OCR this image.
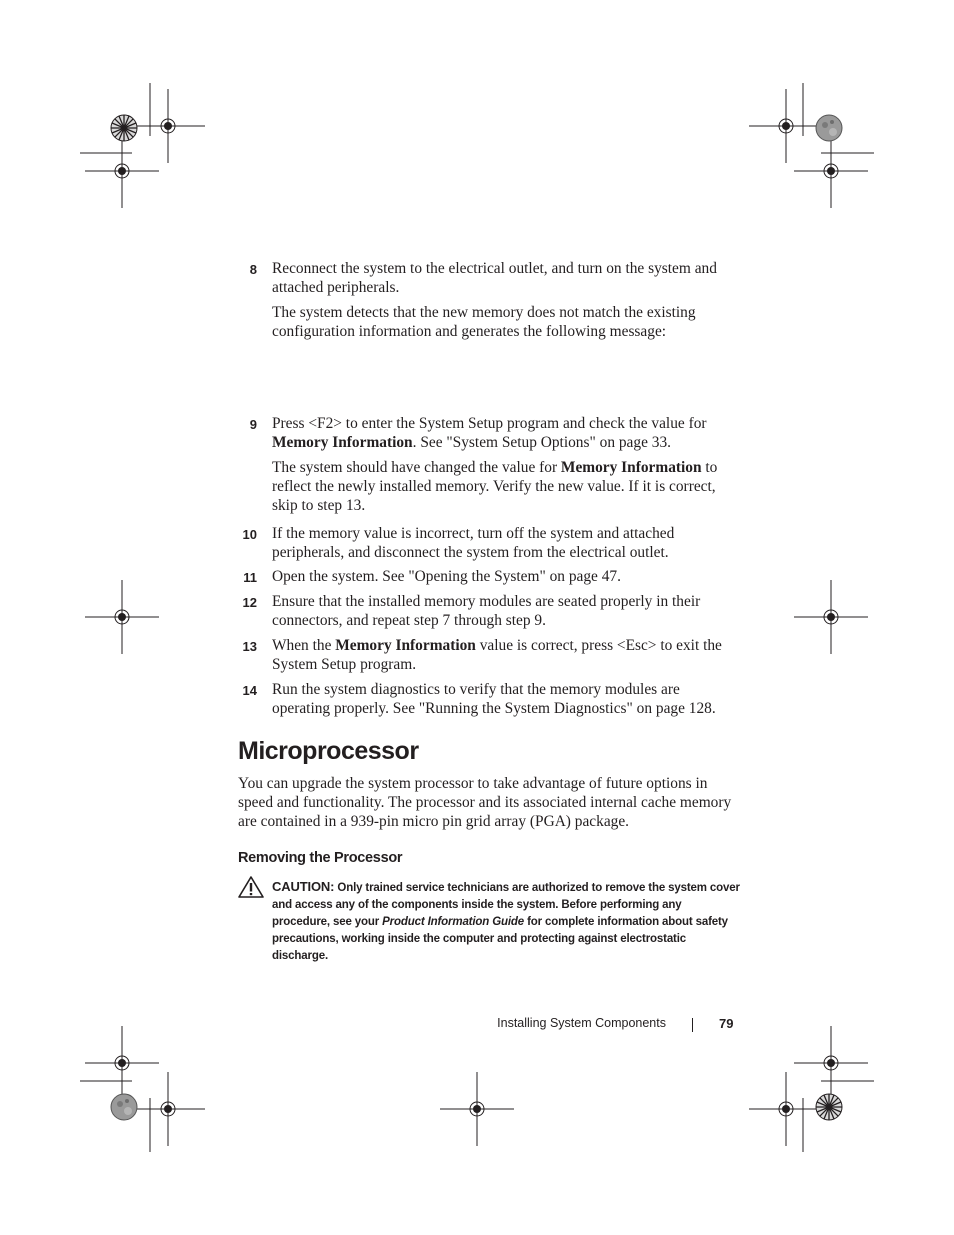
8 Reconnect the system to the electrical outlet, and turn on the system and attached peripherals.

The system detects that the new memory does not match the existing configuration information and generates the following message:

9 Press <F2> to enter the System Setup program and check the value for Memory Information. See "System Setup Options" on page 33.

The system should have changed the value for Memory Information to reflect the newly installed memory. Verify the new value. If it is correct, skip to step 13.

10 If the memory value is incorrect, turn off the system and attached peripherals, and disconnect the system from the electrical outlet.

11 Open the system. See "Opening the System" on page 47.

12 Ensure that the installed memory modules are seated properly in their connectors, and repeat step 7 through step 9.

13 When the Memory Information value is correct, press <Esc> to exit the System Setup program.

14 Run the system diagnostics to verify that the memory modules are operating properly. See "Running the System Diagnostics" on page 128.

Microprocessor

You can upgrade the system processor to take advantage of future options in speed and functionality. The processor and its associated internal cache memory are contained in a 939-pin micro pin grid array (PGA) package.

Removing the Processor

CAUTION: Only trained service technicians are authorized to remove the system cover and access any of the components inside the system. Before performing any procedure, see your Product Information Guide for complete information about safety precautions, working inside the computer and protecting against electrostatic discharge.

Installing System Components	79
